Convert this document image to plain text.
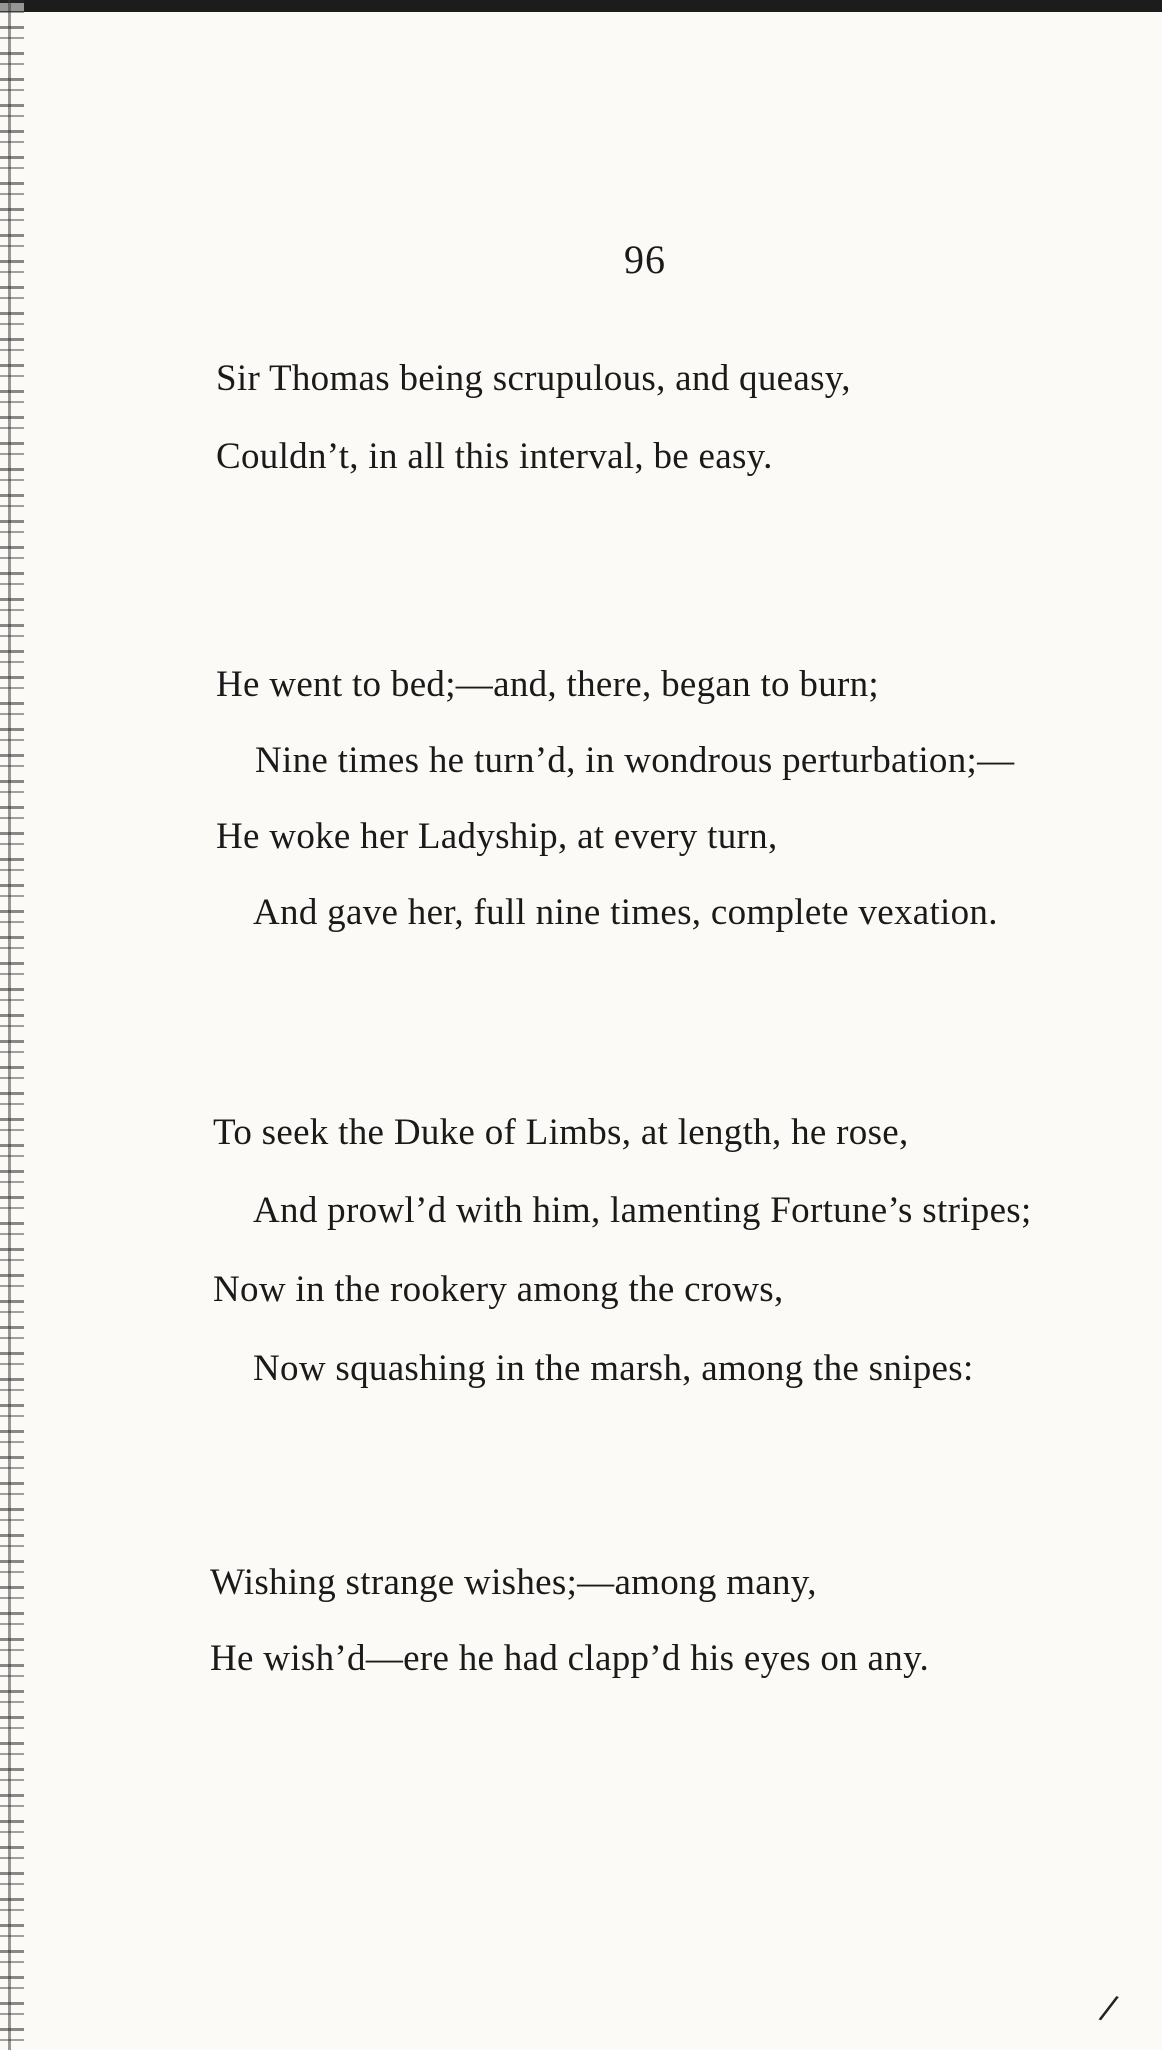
96
Sir Thomas being scrupulous, and queasy,
Couldn’t, in all this interval, be easy.
He went to bed;—and, there, began to burn;
Nine times he turn’d, in wondrous perturbation;—
He woke her Ladyship, at every turn,
And gave her, full nine times, complete vexation.
To seek the Duke of Limbs, at length, he rose,
And prowl’d with him, lamenting Fortune’s stripes;
Now in the rookery among the crows,
Now squashing in the marsh, among the snipes:
Wishing strange wishes;—among many,
He wish’d—ere he had clapp’d his eyes on any.
/
